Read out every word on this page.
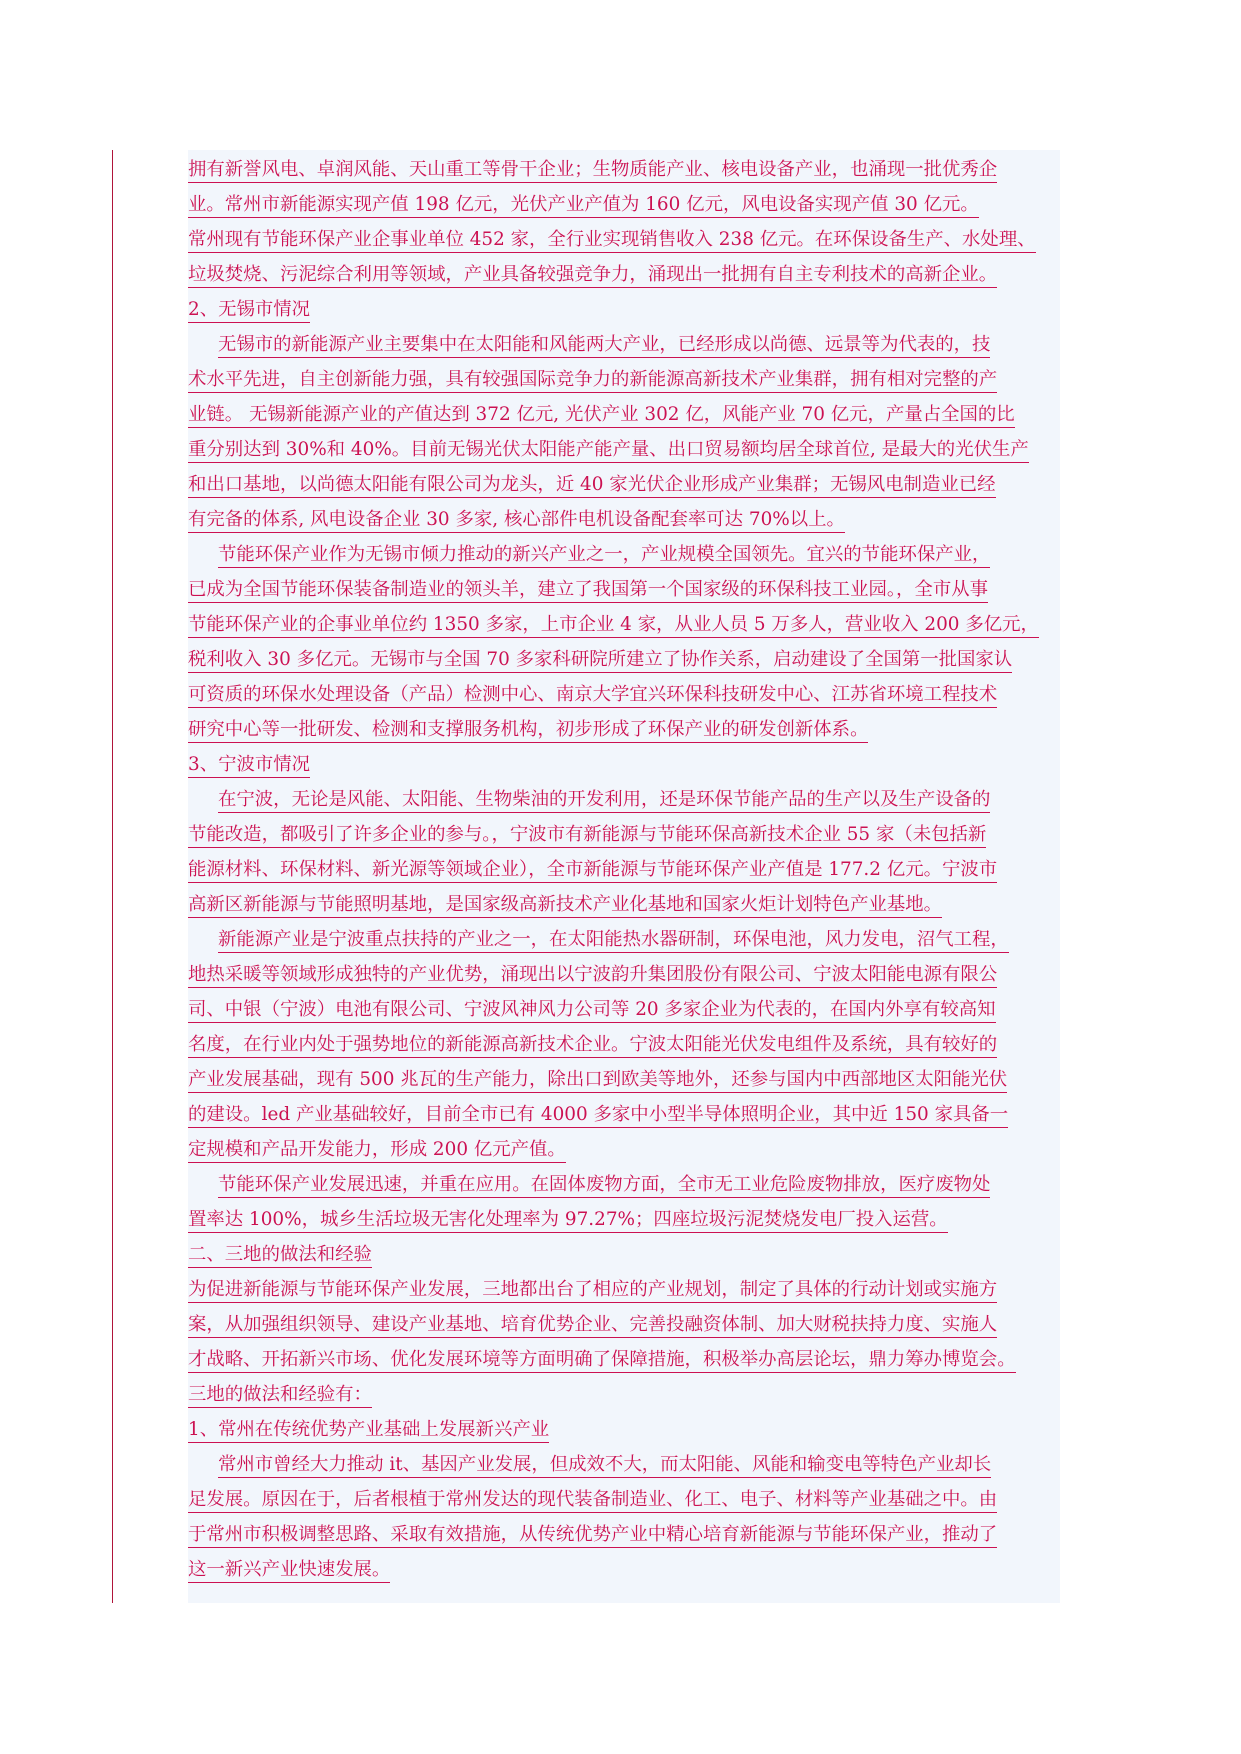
拥有新誉风电、卓润风能、天山重工等骨干企业；生物质能产业、核电设备产业，也涌现一批优秀企
业。常州市新能源实现产值 198 亿元，光伏产业产值为 160 亿元，风电设备实现产值 30 亿元。
常州现有节能环保产业企事业单位 452 家，全行业实现销售收入 238 亿元。在环保设备生产、水处理、
垃圾焚烧、污泥综合利用等领域，产业具备较强竞争力，涌现出一批拥有自主专利技术的高新企业。
2、无锡市情况
无锡市的新能源产业主要集中在太阳能和风能两大产业，已经形成以尚德、远景等为代表的，技
术水平先进，自主创新能力强，具有较强国际竞争力的新能源高新技术产业集群，拥有相对完整的产
业链。 无锡新能源产业的产值达到 372 亿元, 光伏产业 302 亿，风能产业 70 亿元，产量占全国的比
重分别达到 30%和 40%。目前无锡光伏太阳能产能产量、出口贸易额均居全球首位, 是最大的光伏生产
和出口基地，以尚德太阳能有限公司为龙头，近 40 家光伏企业形成产业集群；无锡风电制造业已经
有完备的体系, 风电设备企业 30 多家, 核心部件电机设备配套率可达 70%以上。
节能环保产业作为无锡市倾力推动的新兴产业之一，产业规模全国领先。宜兴的节能环保产业，
已成为全国节能环保装备制造业的领头羊，建立了我国第一个国家级的环保科技工业园。，全市从事
节能环保产业的企事业单位约 1350 多家，上市企业 4 家，从业人员 5 万多人，营业收入 200 多亿元，
税利收入 30 多亿元。无锡市与全国 70 多家科研院所建立了协作关系，启动建设了全国第一批国家认
可资质的环保水处理设备（产品）检测中心、南京大学宜兴环保科技研发中心、江苏省环境工程技术
研究中心等一批研发、检测和支撑服务机构，初步形成了环保产业的研发创新体系。
3、宁波市情况
在宁波，无论是风能、太阳能、生物柴油的开发利用，还是环保节能产品的生产以及生产设备的
节能改造，都吸引了许多企业的参与。，宁波市有新能源与节能环保高新技术企业 55 家（未包括新
能源材料、环保材料、新光源等领域企业），全市新能源与节能环保产业产值是 177.2 亿元。宁波市
高新区新能源与节能照明基地，是国家级高新技术产业化基地和国家火炬计划特色产业基地。
新能源产业是宁波重点扶持的产业之一，在太阳能热水器研制，环保电池，风力发电，沼气工程，
地热采暖等领域形成独特的产业优势，涌现出以宁波韵升集团股份有限公司、宁波太阳能电源有限公
司、中银（宁波）电池有限公司、宁波风神风力公司等 20 多家企业为代表的，在国内外享有较高知
名度，在行业内处于强势地位的新能源高新技术企业。宁波太阳能光伏发电组件及系统，具有较好的
产业发展基础，现有 500 兆瓦的生产能力，除出口到欧美等地外，还参与国内中西部地区太阳能光伏
的建设。led 产业基础较好，目前全市已有 4000 多家中小型半导体照明企业，其中近 150 家具备一
定规模和产品开发能力，形成 200 亿元产值。
节能环保产业发展迅速，并重在应用。在固体废物方面，全市无工业危险废物排放，医疗废物处
置率达 100%，城乡生活垃圾无害化处理率为 97.27%；四座垃圾污泥焚烧发电厂投入运营。
二、三地的做法和经验
为促进新能源与节能环保产业发展，三地都出台了相应的产业规划，制定了具体的行动计划或实施方
案，从加强组织领导、建设产业基地、培育优势企业、完善投融资体制、加大财税扶持力度、实施人
才战略、开拓新兴市场、优化发展环境等方面明确了保障措施，积极举办高层论坛，鼎力筹办博览会。
三地的做法和经验有：
1、常州在传统优势产业基础上发展新兴产业
常州市曾经大力推动 it、基因产业发展，但成效不大，而太阳能、风能和输变电等特色产业却长
足发展。原因在于，后者根植于常州发达的现代装备制造业、化工、电子、材料等产业基础之中。由
于常州市积极调整思路、采取有效措施，从传统优势产业中精心培育新能源与节能环保产业，推动了
这一新兴产业快速发展。
